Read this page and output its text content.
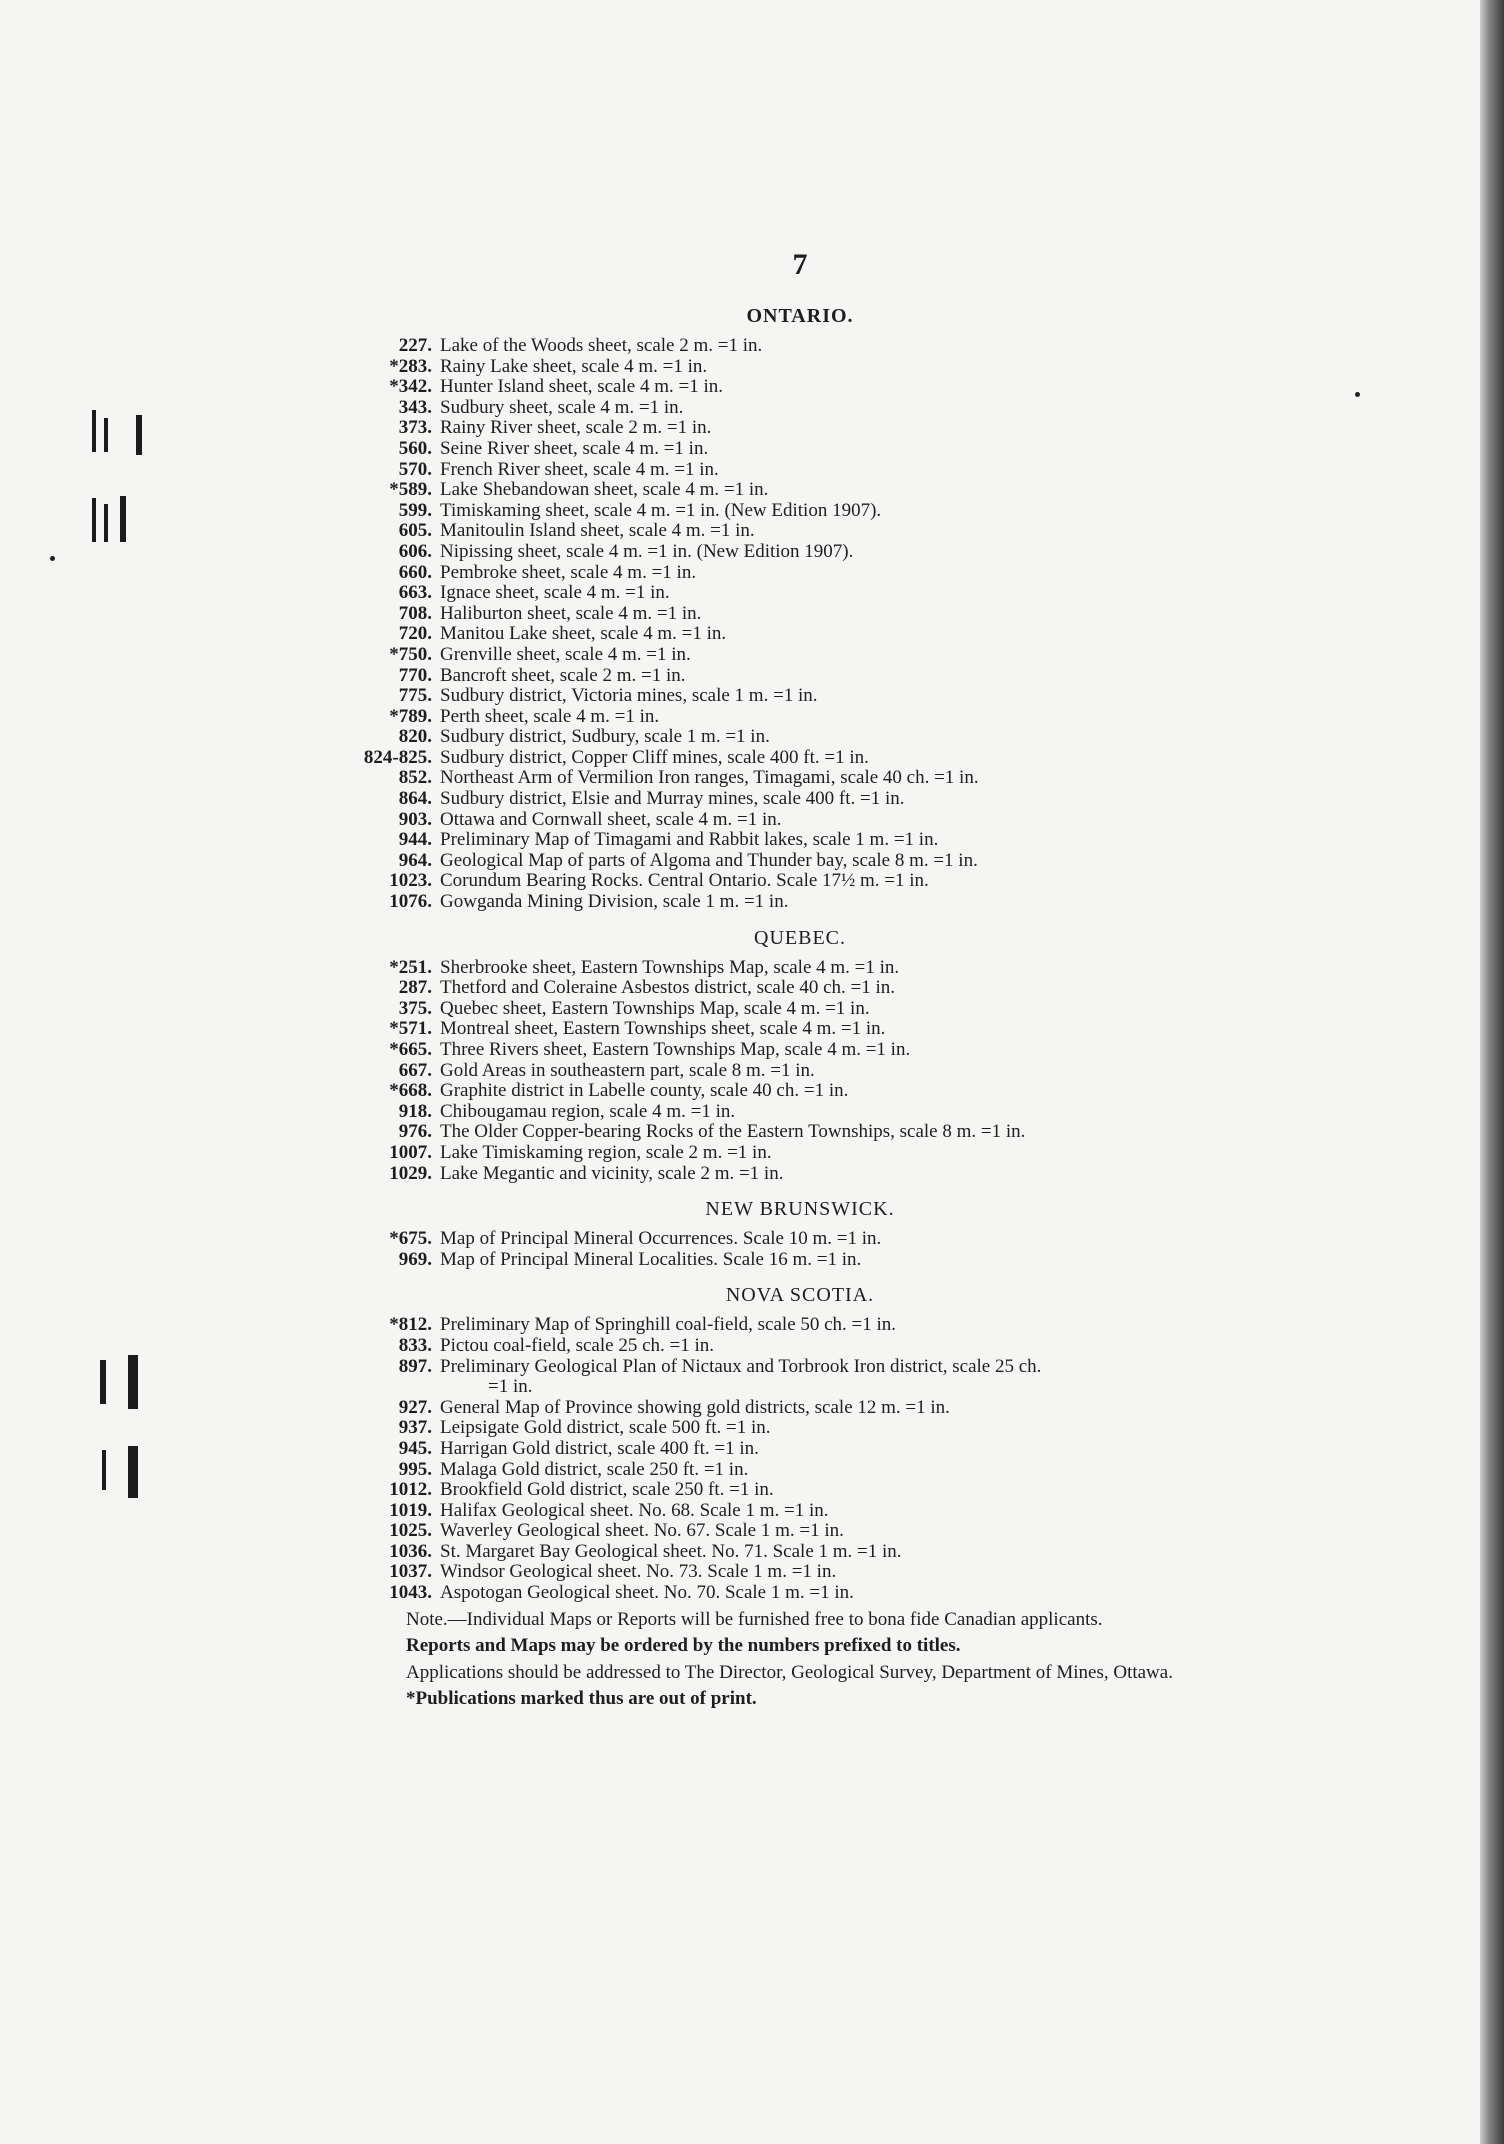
7
ONTARIO.
227. Lake of the Woods sheet, scale 2 m. =1 in.
*283. Rainy Lake sheet, scale 4 m. =1 in.
*342. Hunter Island sheet, scale 4 m. =1 in.
343. Sudbury sheet, scale 4 m. =1 in.
373. Rainy River sheet, scale 2 m. =1 in.
560. Seine River sheet, scale 4 m. =1 in.
570. French River sheet, scale 4 m. =1 in.
*589. Lake Shebandowan sheet, scale 4 m. =1 in.
599. Timiskaming sheet, scale 4 m. =1 in. (New Edition 1907).
605. Manitoulin Island sheet, scale 4 m. =1 in.
606. Nipissing sheet, scale 4 m. =1 in. (New Edition 1907).
660. Pembroke sheet, scale 4 m. =1 in.
663. Ignace sheet, scale 4 m. =1 in.
708. Haliburton sheet, scale 4 m. =1 in.
720. Manitou Lake sheet, scale 4 m. =1 in.
*750. Grenville sheet, scale 4 m. =1 in.
770. Bancroft sheet, scale 2 m. =1 in.
775. Sudbury district, Victoria mines, scale 1 m. =1 in.
*789. Perth sheet, scale 4 m. =1 in.
820. Sudbury district, Sudbury, scale 1 m. =1 in.
824-825. Sudbury district, Copper Cliff mines, scale 400 ft. =1 in.
852. Northeast Arm of Vermilion Iron ranges, Timagami, scale 40 ch. =1 in.
864. Sudbury district, Elsie and Murray mines, scale 400 ft. =1 in.
903. Ottawa and Cornwall sheet, scale 4 m. =1 in.
944. Preliminary Map of Timagami and Rabbit lakes, scale 1 m. =1 in.
964. Geological Map of parts of Algoma and Thunder bay, scale 8 m. =1 in.
1023. Corundum Bearing Rocks. Central Ontario. Scale 17½ m. =1 in.
1076. Gowganda Mining Division, scale 1 m. =1 in.
QUEBEC.
*251. Sherbrooke sheet, Eastern Townships Map, scale 4 m. =1 in.
287. Thetford and Coleraine Asbestos district, scale 40 ch. =1 in.
375. Quebec sheet, Eastern Townships Map, scale 4 m. =1 in.
*571. Montreal sheet, Eastern Townships sheet, scale 4 m. =1 in.
*665. Three Rivers sheet, Eastern Townships Map, scale 4 m. =1 in.
667. Gold Areas in southeastern part, scale 8 m. =1 in.
*668. Graphite district in Labelle county, scale 40 ch. =1 in.
918. Chibougamau region, scale 4 m. =1 in.
976. The Older Copper-bearing Rocks of the Eastern Townships, scale 8 m. =1 in.
1007. Lake Timiskaming region, scale 2 m. =1 in.
1029. Lake Megantic and vicinity, scale 2 m. =1 in.
NEW BRUNSWICK.
*675. Map of Principal Mineral Occurrences. Scale 10 m. =1 in.
969. Map of Principal Mineral Localities. Scale 16 m. =1 in.
NOVA SCOTIA.
*812. Preliminary Map of Springhill coal-field, scale 50 ch. =1 in.
833. Pictou coal-field, scale 25 ch. =1 in.
897. Preliminary Geological Plan of Nictaux and Torbrook Iron district, scale 25 ch.
=1 in.
927. General Map of Province showing gold districts, scale 12 m. =1 in.
937. Leipsigate Gold district, scale 500 ft. =1 in.
945. Harrigan Gold district, scale 400 ft. =1 in.
995. Malaga Gold district, scale 250 ft. =1 in.
1012. Brookfield Gold district, scale 250 ft. =1 in.
1019. Halifax Geological sheet. No. 68. Scale 1 m. =1 in.
1025. Waverley Geological sheet. No. 67. Scale 1 m. =1 in.
1036. St. Margaret Bay Geological sheet. No. 71. Scale 1 m. =1 in.
1037. Windsor Geological sheet. No. 73. Scale 1 m. =1 in.
1043. Aspotogan Geological sheet. No. 70. Scale 1 m. =1 in.
Note.—Individual Maps or Reports will be furnished free to bona fide Canadian applicants.
Reports and Maps may be ordered by the numbers prefixed to titles.
Applications should be addressed to The Director, Geological Survey, Department of Mines, Ottawa.
*Publications marked thus are out of print.
